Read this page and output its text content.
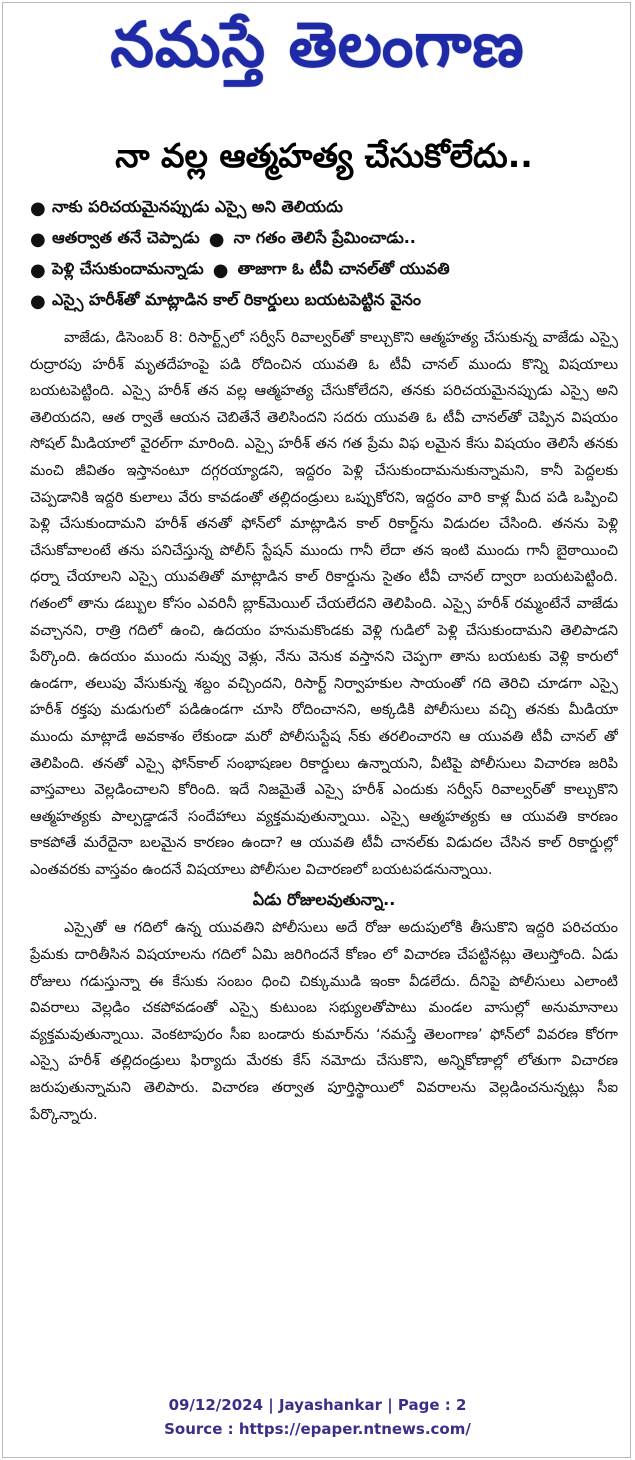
నమస్తే తెలంగాణ
నా వల్ల ఆత్మహత్య చేసుకోలేదు..
● నాకు పరిచయమైనప్పుడు ఎస్సై అని తెలియదు
● ఆతర్వాత తనే చెప్పాడు ● నా గతం తెలిసే ప్రేమించాడు..
● పెళ్లి చేసుకుందామన్నాడు ● తాజాగా ఓ టీవీ చానల్‌తో యువతి
● ఎస్సై హరీశ్‌తో మాట్లాడిన కాల్ రికార్డులు బయటపెట్టిన వైనం

వాజేడు, డిసెంబర్ 8: రిసార్ట్స్‌లో సర్వీస్ రివాల్వర్‌తో కాల్చుకొని ఆత్మహత్య చేసుకున్న వాజేడు ఎస్సై రుద్రారపు హరీశ్ మృతదేహంపై పడి రోదించిన యువతి ఓ టీవీ చానల్ ముందు కొన్ని విషయాలు బయటపెట్టింది. ఎస్సై హరీశ్ తన వల్ల ఆత్మహత్య చేసుకోలేదని, తనకు పరిచయమైనప్పుడు ఎస్సై అని తెలియదని, ఆత ర్వాతే ఆయన చెబితేనే తెలిసిందని సదరు యువతి ఓ టీవీ చానల్‌తో చెప్పిన విషయం సోషల్ మీడియాలో వైరల్‌గా మారింది. ఎస్సై హరీశ్ తన గత ప్రేమ విఫ లమైన కేసు విషయం తెలిసే తనకు మంచి జీవితం ఇస్తానంటూ దగ్గరయ్యాడని, ఇద్దరం పెళ్లి చేసుకుందామనుకున్నామని, కానీ పెద్దలకు చెప్పడానికి ఇద్దరి కులాలు వేరు కావడంతో తల్లిదండ్రులు ఒప్పుకోరని, ఇద్దరం వారి కాళ్ల మీద పడి ఒప్పించి పెళ్లి చేసుకుందామని హరీశ్ తనతో ఫోన్‌లో మాట్లాడిన కాల్ రికార్డ్‌ను విడుదల చేసింది. తనను పెళ్లి చేసుకోవాలంటే తను పనిచేస్తున్న పోలీస్ స్టేషన్ ముందు గానీ లేదా తన ఇంటి ముందు గానీ బైఠాయించి ధర్నా చేయాలని ఎస్సై యువతితో మాట్లాడిన కాల్ రికార్డును సైతం టీవీ చానల్ ద్వారా బయటపెట్టింది. గతంలో తాను డబ్బుల కోసం ఎవరినీ బ్లాక్‌మెయిల్ చేయలేదని తెలిపింది. ఎస్సై హరీశ్ రమ్మంటేనే వాజేడు వచ్చానని, రాత్రి గదిలో ఉంచి, ఉదయం హనుమకొండకు వెళ్లి గుడిలో పెళ్లి చేసుకుందామని తెలిపాడని పేర్కొంది. ఉదయం ముందు నువ్వు వెళ్లు, నేను వెనుక వస్తానని చెప్పగా తాను బయటకు వెళ్లి కారులో ఉండగా, తలుపు వేసుకున్న శబ్దం వచ్చిందని, రిసార్ట్ నిర్వాహకుల సాయంతో గది తెరిచి చూడగా ఎస్సై హరీశ్ రక్తపు మడుగులో పడిఉండగా చూసి రోదించానని, అక్కడికి పోలీసులు వచ్చి తనకు మీడియా ముందు మాట్లాడే అవకాశం లేకుండా మరో పోలీసుస్టేష న్‌కు తరలించారని ఆ యువతి టీవీ చానల్ తో తెలిపింది. తనతో ఎస్సై ఫోన్‌కాల్ సంభాషణల రికార్డులు ఉన్నాయని, వీటిపై పోలీసులు విచారణ జరిపి వాస్తవాలు వెల్లడించాలని కోరింది. ఇదే నిజమైతే ఎస్సై హరీశ్ ఎందుకు సర్వీస్ రివాల్వర్‌తో కాల్చుకొని ఆత్మహత్యకు పాల్పడ్డాడనే సందేహాలు వ్యక్తమవుతున్నాయి. ఎస్సై ఆత్మహత్యకు ఆ యువతి కారణం కాకపోతే మరేదైనా బలమైన కారణం ఉందా? ఆ యువతి టీవీ చానల్‌కు విడుదల చేసిన కాల్ రికార్డుల్లో ఎంతవరకు వాస్తవం ఉందనే విషయాలు పోలీసుల విచారణలో బయటపడనున్నాయి.

ఏడు రోజులవుతున్నా..

ఎస్సైతో ఆ గదిలో ఉన్న యువతిని పోలీసులు అదే రోజు అదుపులోకి తీసుకొని ఇద్దరి పరిచయం ప్రేమకు దారితీసిన విషయాలను గదిలో ఏమి జరిగిందనే కోణం లో విచారణ చేపట్టినట్లు తెలుస్తోంది. ఏడు రోజులు గడుస్తున్నా ఈ కేసుకు సంబం ధించి చిక్కుముడి ఇంకా వీడలేదు. దీనిపై పోలీసులు ఎలాంటి వివరాలు వెల్లడిం చకపోవడంతో ఎస్సై కుటుంబ సభ్యులతోపాటు మండల వాసుల్లో అనుమానాలు వ్యక్తమవుతున్నాయి. వెంకటాపురం సీఐ బండారు కుమార్‌ను ‘నమస్తే తెలంగాణ’ ఫోన్‌లో వివరణ కోరగా ఎస్సై హరీశ్ తల్లిదండ్రులు ఫిర్యాదు మేరకు కేస్ నమోదు చేసుకొని, అన్నికోణాల్లో లోతుగా విచారణ జరుపుతున్నామని తెలిపారు. విచారణ తర్వాత పూర్తిస్థాయిలో వివరాలను వెల్లడించనున్నట్లు సీఐ పేర్కొన్నారు.

09/12/2024 | Jayashankar | Page : 2
Source : https://epaper.ntnews.com/
